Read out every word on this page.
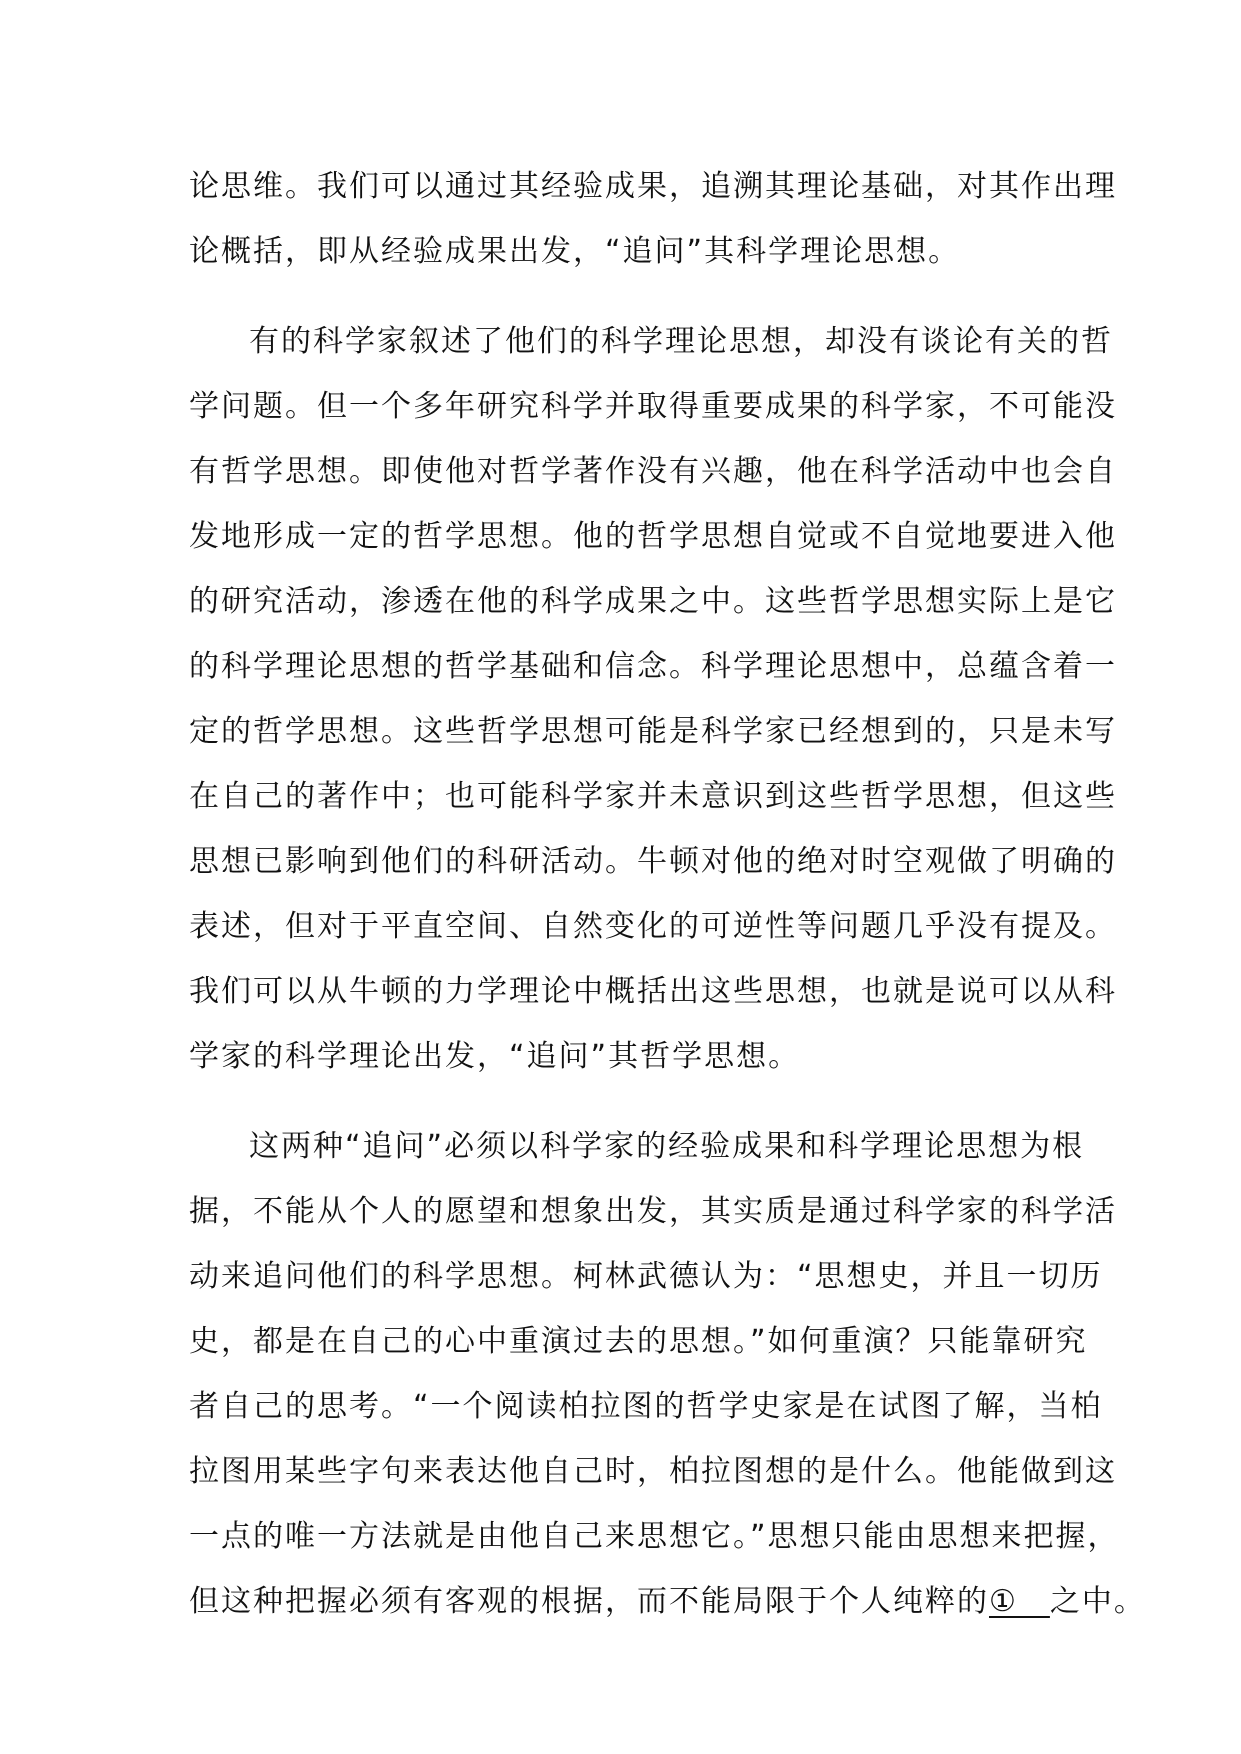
论思维。我们可以通过其经验成果，追溯其理论基础，对其作出理
论概括，即从经验成果出发，“追问”其科学理论思想。

有的科学家叙述了他们的科学理论思想，却没有谈论有关的哲
学问题。但一个多年研究科学并取得重要成果的科学家，不可能没
有哲学思想。即使他对哲学著作没有兴趣，他在科学活动中也会自
发地形成一定的哲学思想。他的哲学思想自觉或不自觉地要进入他
的研究活动，渗透在他的科学成果之中。这些哲学思想实际上是它
的科学理论思想的哲学基础和信念。科学理论思想中，总蕴含着一
定的哲学思想。这些哲学思想可能是科学家已经想到的，只是未写
在自己的著作中；也可能科学家并未意识到这些哲学思想，但这些
思想已影响到他们的科研活动。牛顿对他的绝对时空观做了明确的
表述，但对于平直空间、自然变化的可逆性等问题几乎没有提及。
我们可以从牛顿的力学理论中概括出这些思想，也就是说可以从科
学家的科学理论出发，“追问”其哲学思想。

这两种“追问”必须以科学家的经验成果和科学理论思想为根
据，不能从个人的愿望和想象出发，其实质是通过科学家的科学活
动来追问他们的科学思想。柯林武德认为：“思想史，并且一切历
史，都是在自己的心中重演过去的思想。”如何重演？只能靠研究
者自己的思考。“一个阅读柏拉图的哲学史家是在试图了解，当柏
拉图用某些字句来表达他自己时，柏拉图想的是什么。他能做到这
一点的唯一方法就是由他自己来思想它。”思想只能由思想来把握，
但这种把握必须有客观的根据，而不能局限于个人纯粹的①　之中。
